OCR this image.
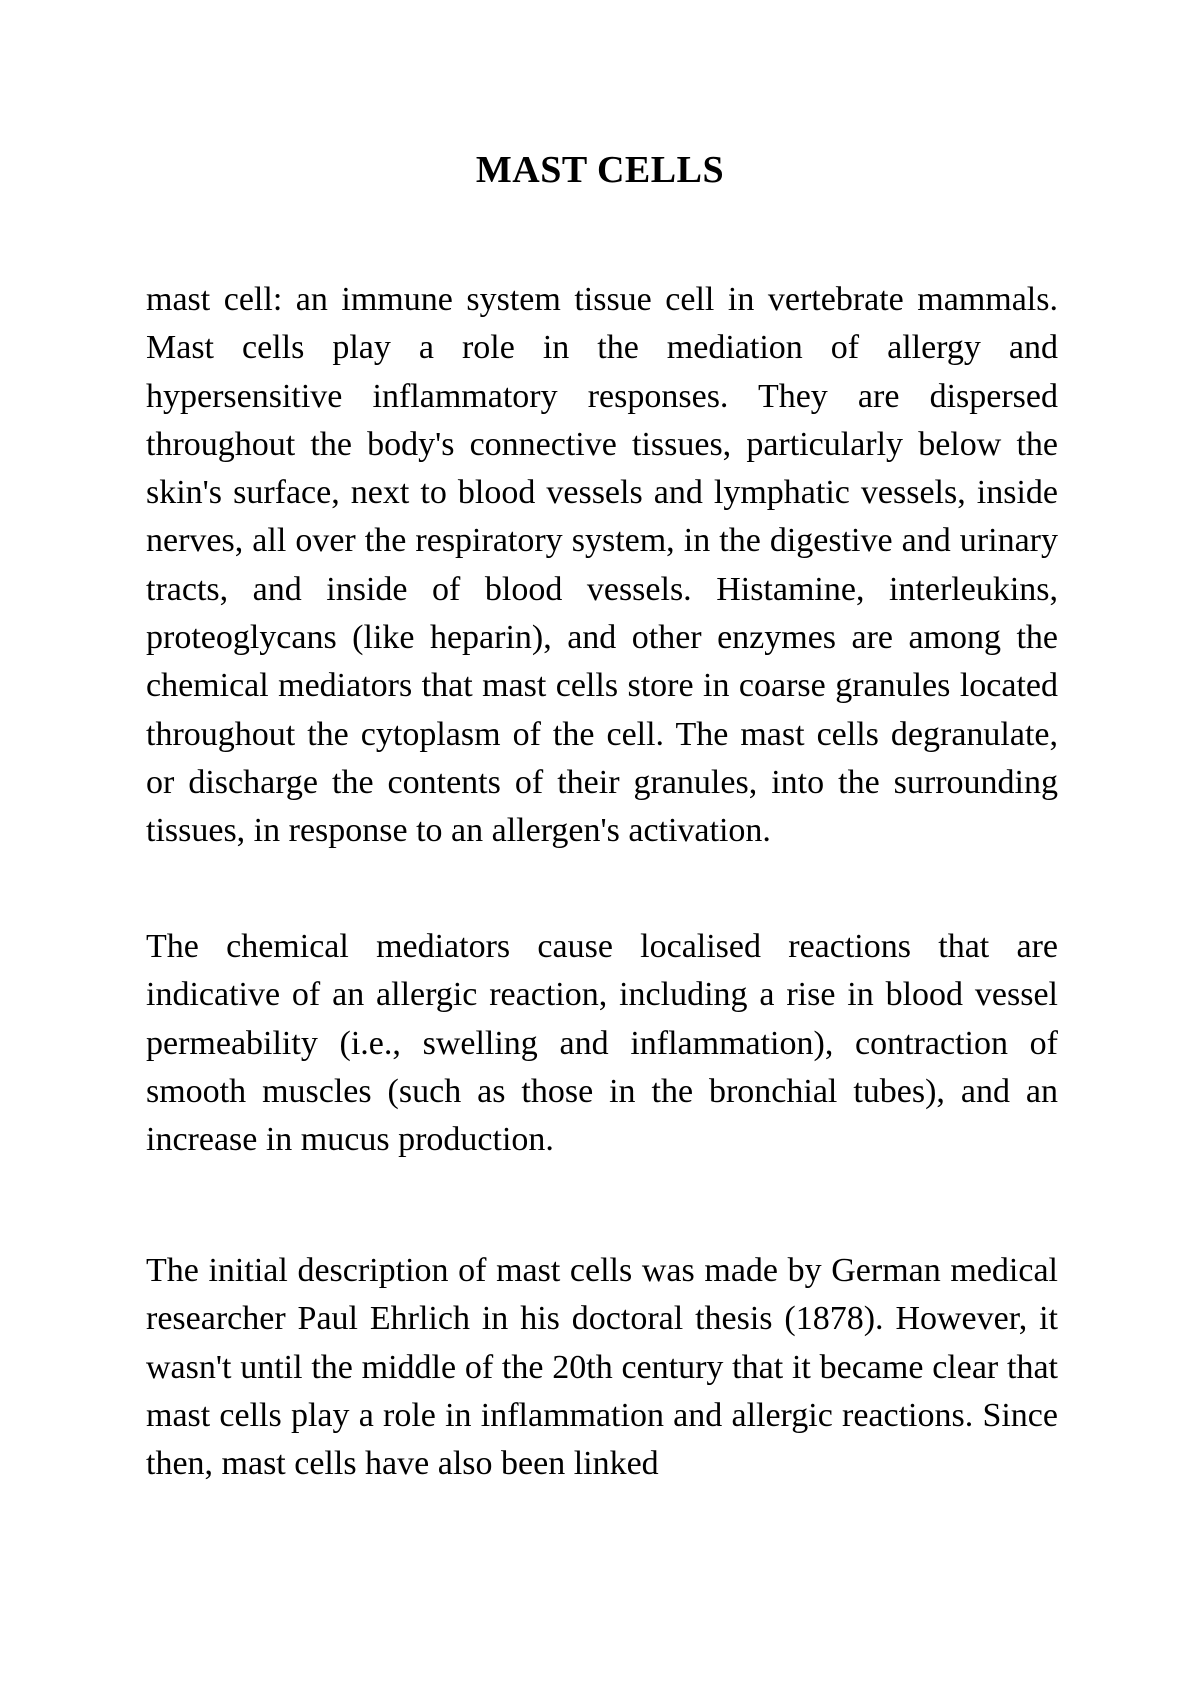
MAST CELLS

mast cell: an immune system tissue cell in vertebrate mammals. Mast cells play a role in the mediation of allergy and hypersensitive inflammatory responses. They are dispersed throughout the body's connective tissues, particularly below the skin's surface, next to blood vessels and lymphatic vessels, inside nerves, all over the respiratory system, in the digestive and urinary tracts, and inside of blood vessels. Histamine, interleukins, proteoglycans (like heparin), and other enzymes are among the chemical mediators that mast cells store in coarse granules located throughout the cytoplasm of the cell. The mast cells degranulate, or discharge the contents of their granules, into the surrounding tissues, in response to an allergen's activation.

The chemical mediators cause localised reactions that are indicative of an allergic reaction, including a rise in blood vessel permeability (i.e., swelling and inflammation), contraction of smooth muscles (such as those in the bronchial tubes), and an increase in mucus production.

The initial description of mast cells was made by German medical researcher Paul Ehrlich in his doctoral thesis (1878). However, it wasn't until the middle of the 20th century that it became clear that mast cells play a role in inflammation and allergic reactions. Since then, mast cells have also been linked
